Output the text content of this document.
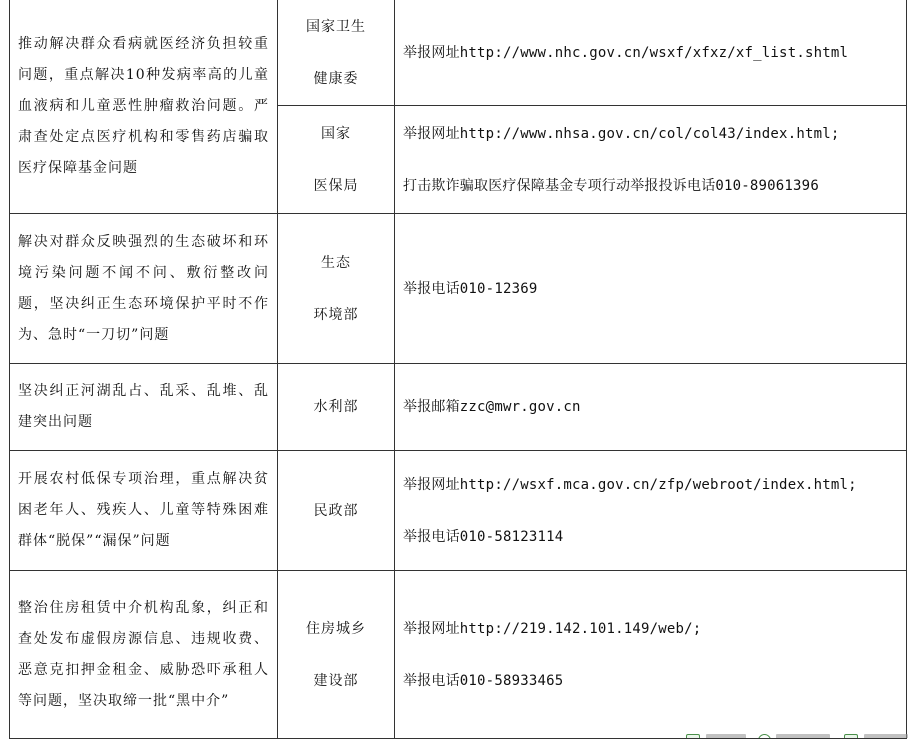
推动解决群众看病就医经济负担较重问题，重点解决10种发病率高的儿童血液病和儿童恶性肿瘤救治问题。严肃查处定点医疗机构和零售药店骗取医疗保障基金问题	国家卫生
健康委	举报网址http://www.nhc.gov.cn/wsxf/xfxz/xf_list.shtml

	国家
医保局	举报网址http://www.nhsa.gov.cn/col/col43/index.html;
打击欺诈骗取医疗保障基金专项行动举报投诉电话010-89061396

解决对群众反映强烈的生态破坏和环境污染问题不闻不问、敷衍整改问题，坚决纠正生态环境保护平时不作为、急时“一刀切”问题	生态
环境部	举报电话010-12369

坚决纠正河湖乱占、乱采、乱堆、乱建突出问题	水利部	举报邮箱zzc@mwr.gov.cn

开展农村低保专项治理，重点解决贫困老年人、残疾人、儿童等特殊困难群体“脱保”“漏保”问题	民政部	举报网址http://wsxf.mca.gov.cn/zfp/webroot/index.html;
举报电话010-58123114

整治住房租赁中介机构乱象，纠正和查处发布虚假房源信息、违规收费、恶意克扣押金租金、威胁恐吓承租人等问题，坚决取缔一批“黑中介”	住房城乡
建设部	举报网址http://219.142.101.149/web/;
举报电话010-58933465
